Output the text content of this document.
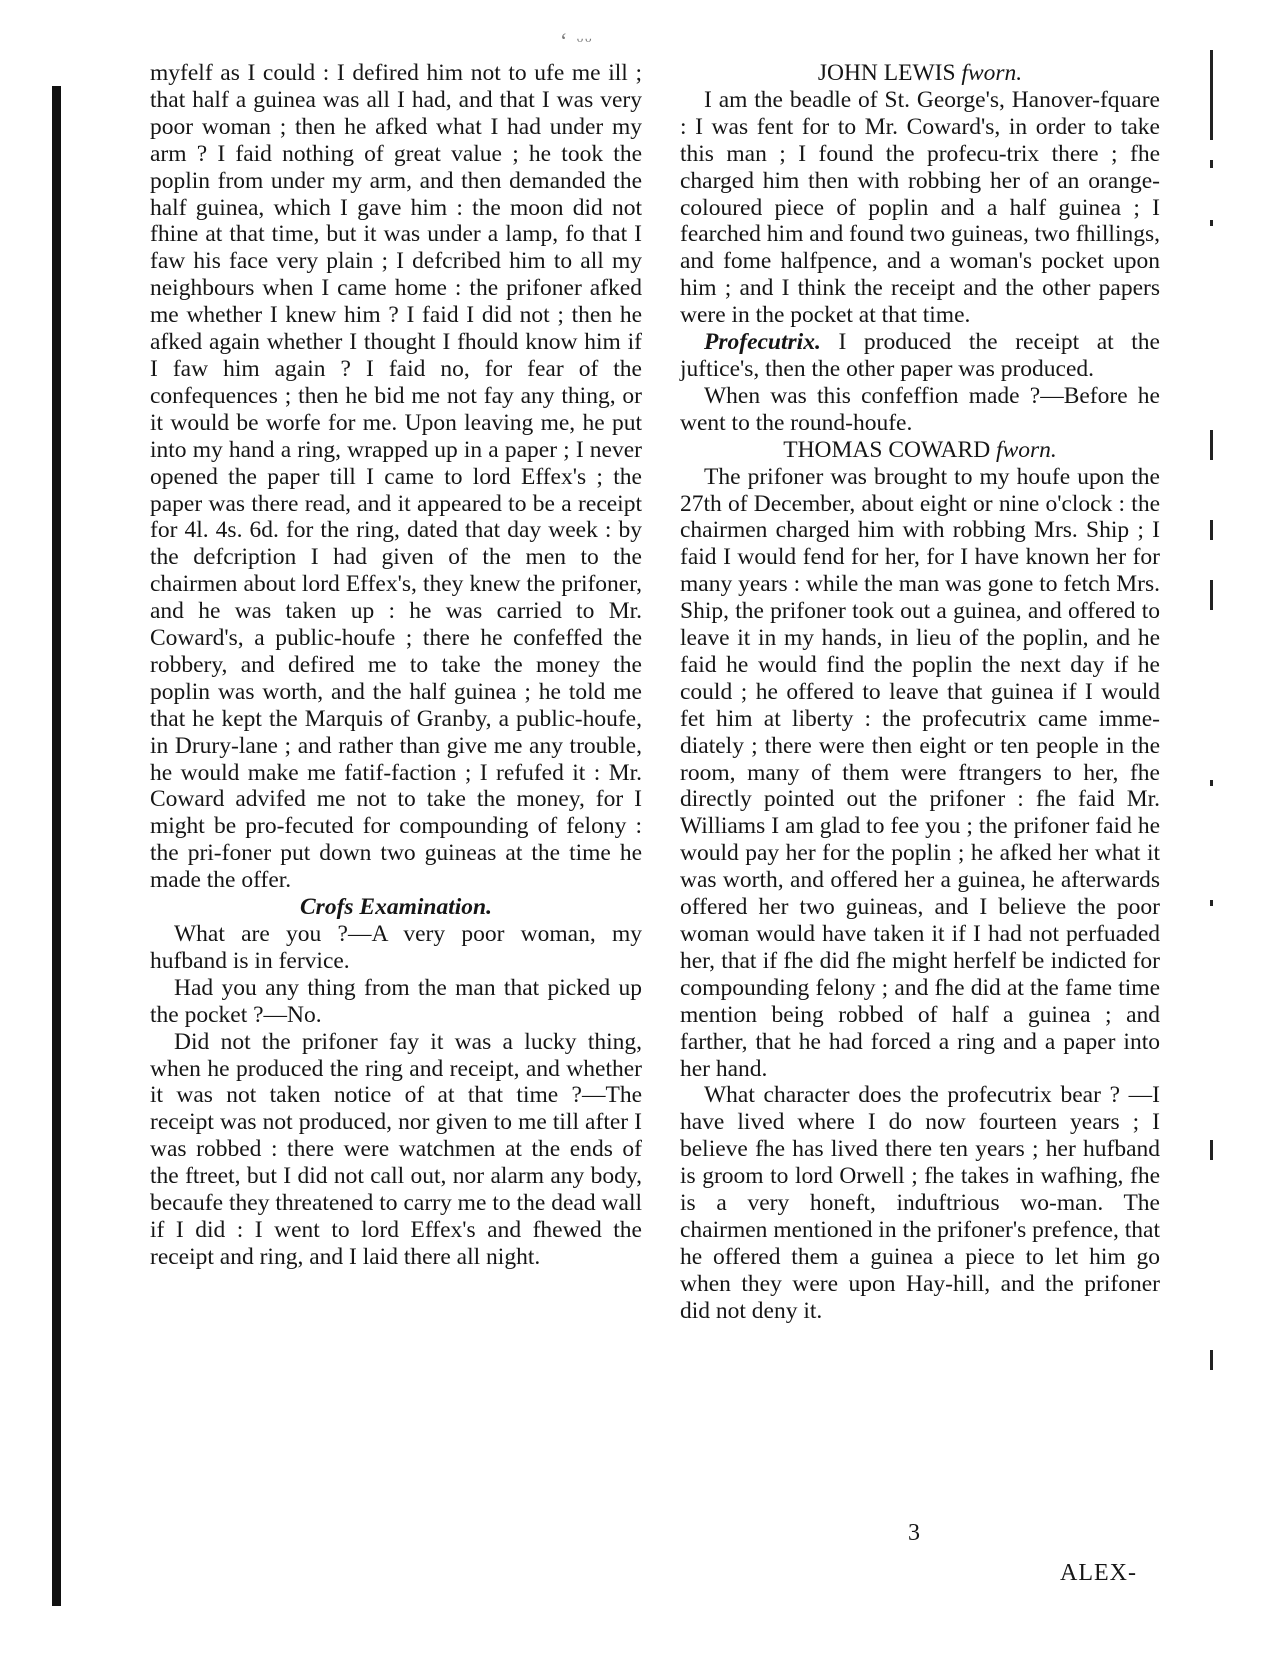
ʻ ᵕᵕ

myfelf as I could : I defired him not to ufe me ill ; that half a guinea was all I had, and that I was very poor woman ; then he afked what I had under my arm ? I faid nothing of great value ; he took the poplin from under my arm, and then demanded the half guinea, which I gave him : the moon did not fhine at that time, but it was under a lamp, fo that I faw his face very plain ; I defcribed him to all my neighbours when I came home : the prifoner afked me whether I knew him ? I faid I did not ; then he afked again whether I thought I fhould know him if I faw him again ? I faid no, for fear of the confequences ; then he bid me not fay any thing, or it would be worfe for me. Upon leaving me, he put into my hand a ring, wrapped up in a paper ; I never opened the paper till I came to lord Effex's ; the paper was there read, and it appeared to be a receipt for 4l. 4s. 6d. for the ring, dated that day week : by the defcription I had given of the men to the chairmen about lord Effex's, they knew the prifoner, and he was taken up : he was carried to Mr. Coward's, a public-houfe ; there he confeffed the robbery, and defired me to take the money the poplin was worth, and the half guinea ; he told me that he kept the Marquis of Granby, a public-houfe, in Drury-lane ; and rather than give me any trouble, he would make me fatif-faction ; I refufed it : Mr. Coward advifed me not to take the money, for I might be pro-fecuted for compounding of felony : the pri-foner put down two guineas at the time he made the offer.

Crofs Examination.

What are you ?—A very poor woman, my hufband is in fervice.

Had you any thing from the man that picked up the pocket ?—No.

Did not the prifoner fay it was a lucky thing, when he produced the ring and receipt, and whether it was not taken notice of at that time ?—The receipt was not produced, nor given to me till after I was robbed : there were watchmen at the ends of the ftreet, but I did not call out, nor alarm any body, becaufe they threatened to carry me to the dead wall if I did : I went to lord Effex's and fhewed the receipt and ring, and I laid there all night.

JOHN LEWIS fworn.

I am the beadle of St. George's, Hanover-fquare : I was fent for to Mr. Coward's, in order to take this man ; I found the profecu-trix there ; fhe charged him then with robbing her of an orange-coloured piece of poplin and a half guinea ; I fearched him and found two guineas, two fhillings, and fome halfpence, and a woman's pocket upon him ; and I think the receipt and the other papers were in the pocket at that time.

Profecutrix. I produced the receipt at the juftice's, then the other paper was produced.

When was this confeffion made ?—Before he went to the round-houfe.

THOMAS COWARD fworn.

The prifoner was brought to my houfe upon the 27th of December, about eight or nine o'clock : the chairmen charged him with robbing Mrs. Ship ; I faid I would fend for her, for I have known her for many years : while the man was gone to fetch Mrs. Ship, the prifoner took out a guinea, and offered to leave it in my hands, in lieu of the poplin, and he faid he would find the poplin the next day if he could ; he offered to leave that guinea if I would fet him at liberty : the profecutrix came imme-diately ; there were then eight or ten people in the room, many of them were ftrangers to her, fhe directly pointed out the prifoner : fhe faid Mr. Williams I am glad to fee you ; the prifoner faid he would pay her for the poplin ; he afked her what it was worth, and offered her a guinea, he afterwards offered her two guineas, and I believe the poor woman would have taken it if I had not perfuaded her, that if fhe did fhe might herfelf be indicted for compounding felony ; and fhe did at the fame time mention being robbed of half a guinea ; and farther, that he had forced a ring and a paper into her hand.

What character does the profecutrix bear ? —I have lived where I do now fourteen years ; I believe fhe has lived there ten years ; her hufband is groom to lord Orwell ; fhe takes in wafhing, fhe is a very honeft, induftrious wo-man. The chairmen mentioned in the prifoner's prefence, that he offered them a guinea a piece to let him go when they were upon Hay-hill, and the prifoner did not deny it.

3
ALEX-
